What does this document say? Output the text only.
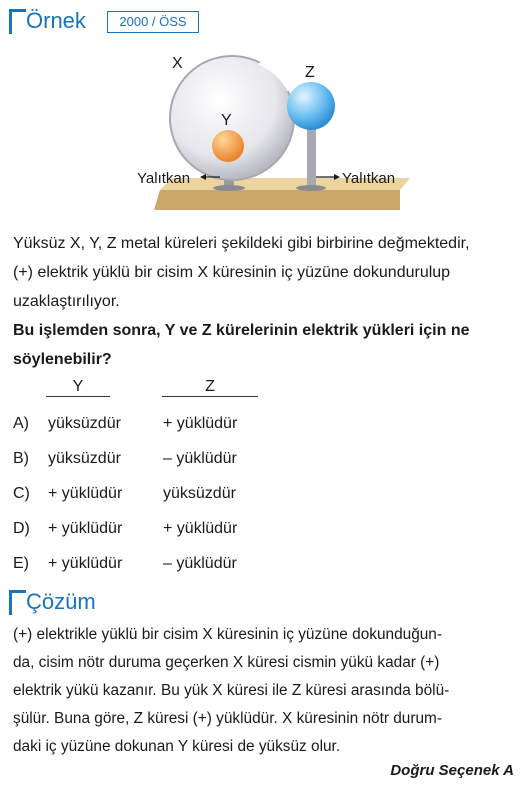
Örnek	2000 / ÖSS
X
Y
Z
Yalıtkan	Yalıtkan
Yüksüz X, Y, Z metal küreleri şekildeki gibi birbirine değmektedir,
(+) elektrik yüklü bir cisim X küresinin iç yüzüne dokundurulup
uzaklaştırılıyor.
Bu işlemden sonra, Y ve Z kürelerinin elektrik yükleri için ne
söylenebilir?
Y	Z
A) yüksüzdür	+ yüklüdür
B) yüksüzdür	– yüklüdür
C) + yüklüdür	yüksüzdür
D) + yüklüdür	+ yüklüdür
E) + yüklüdür	– yüklüdür
Çözüm
(+) elektrikle yüklü bir cisim X küresinin iç yüzüne dokunduğun-
da, cisim nötr duruma geçerken X küresi cismin yükü kadar (+)
elektrik yükü kazanır. Bu yük X küresi ile Z küresi arasında bölü-
şülür. Buna göre, Z küresi (+) yüklüdür. X küresinin nötr durum-
daki iç yüzüne dokunan Y küresi de yüksüz olur.
Doğru Seçenek A
